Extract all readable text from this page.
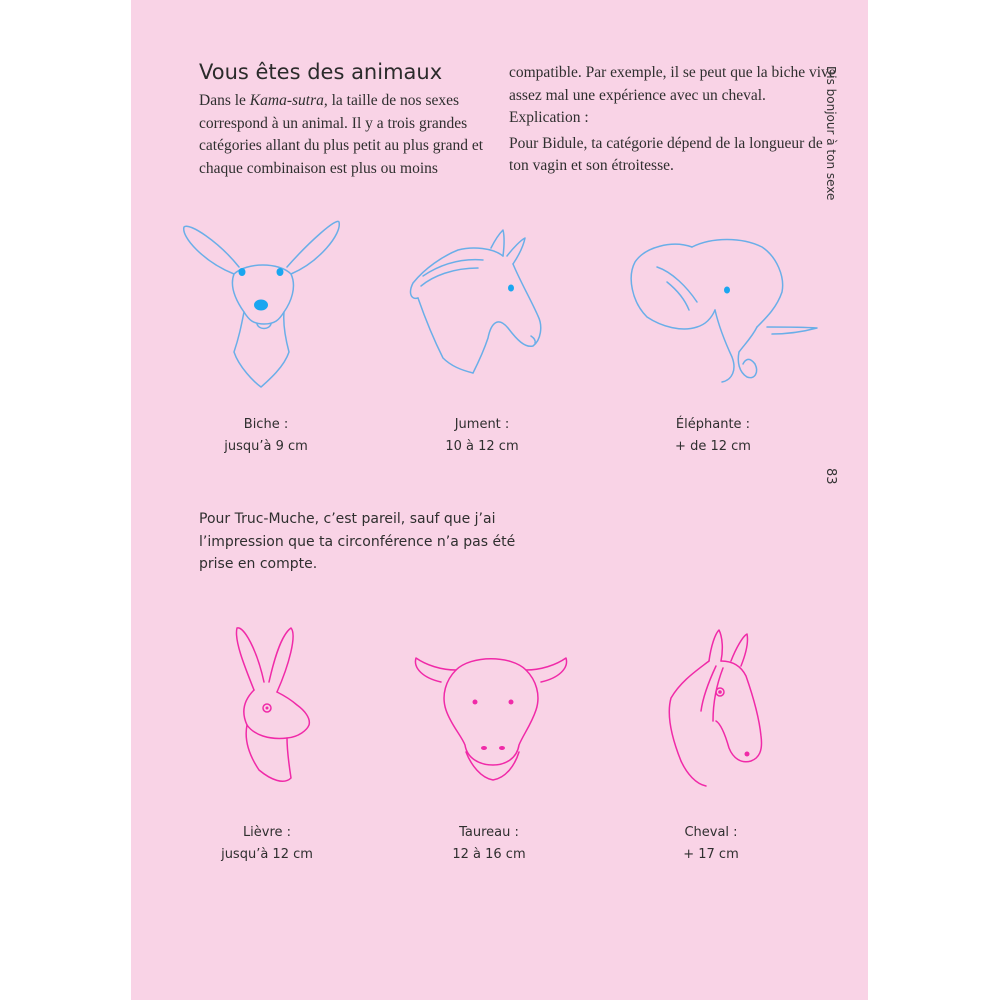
Vous êtes des animaux
Dans le Kama-sutra, la taille de nos sexes correspond à un animal. Il y a trois grandes catégories allant du plus petit au plus grand et chaque combinaison est plus ou moins

compatible. Par exemple, il se peut que la biche vive assez mal une expérience avec un cheval. Explication :

Pour Bidule, ta catégorie dépend de la longueur de ton vagin et son étroitesse.	Dis bonjour à ton sexe
83
Biche :
jusqu’à 9 cm
Jument :
10 à 12 cm
Éléphante :
+ de 12 cm
Pour Truc-Muche, c’est pareil, sauf que j’ai l’impression que ta circonférence n’a pas été prise en compte.
Lièvre :
jusqu’à 12 cm
Taureau :
12 à 16 cm
Cheval :
+ 17 cm
